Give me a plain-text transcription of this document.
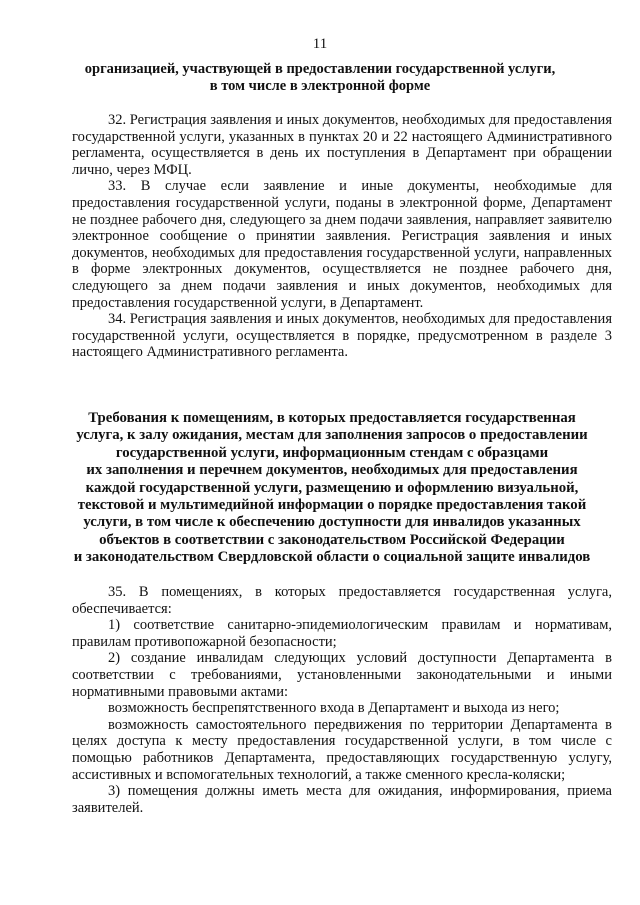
11
организацией, участвующей в предоставлении государственной услуги,
в том числе в электронной форме

32. Регистрация заявления и иных документов, необходимых для предоставления государственной услуги, указанных в пунктах 20 и 22 настоящего Административного регламента, осуществляется в день их поступления в Департамент при обращении лично, через МФЦ.

33. В случае если заявление и иные документы, необходимые для предоставления государственной услуги, поданы в электронной форме, Департамент не позднее рабочего дня, следующего за днем подачи заявления, направляет заявителю электронное сообщение о принятии заявления. Регистрация заявления и иных документов, необходимых для предоставления государственной услуги, направленных в форме электронных документов, осуществляется не позднее рабочего дня, следующего за днем подачи заявления и иных документов, необходимых для предоставления государственной услуги, в Департамент.

34. Регистрация заявления и иных документов, необходимых для предоставления государственной услуги, осуществляется в порядке, предусмотренном в разделе 3 настоящего Административного регламента.

Требования к помещениям, в которых предоставляется государственная
услуга, к залу ожидания, местам для заполнения запросов о предоставлении
государственной услуги, информационным стендам с образцами
их заполнения и перечнем документов, необходимых для предоставления
каждой государственной услуги, размещению и оформлению визуальной,
текстовой и мультимедийной информации о порядке предоставления такой
услуги, в том числе к обеспечению доступности для инвалидов указанных
объектов в соответствии с законодательством Российской Федерации
и законодательством Свердловской области о социальной защите инвалидов

35. В помещениях, в которых предоставляется государственная услуга, обеспечивается:

1) соответствие санитарно-эпидемиологическим правилам и нормативам, правилам противопожарной безопасности;

2) создание инвалидам следующих условий доступности Департамента в соответствии с требованиями, установленными законодательными и иными нормативными правовыми актами:

возможность беспрепятственного входа в Департамент и выхода из него;

возможность самостоятельного передвижения по территории Департамента в целях доступа к месту предоставления государственной услуги, в том числе с помощью работников Департамента, предоставляющих государственную услугу, ассистивных и вспомогательных технологий, а также сменного кресла-коляски;

3) помещения должны иметь места для ожидания, информирования, приема заявителей.
